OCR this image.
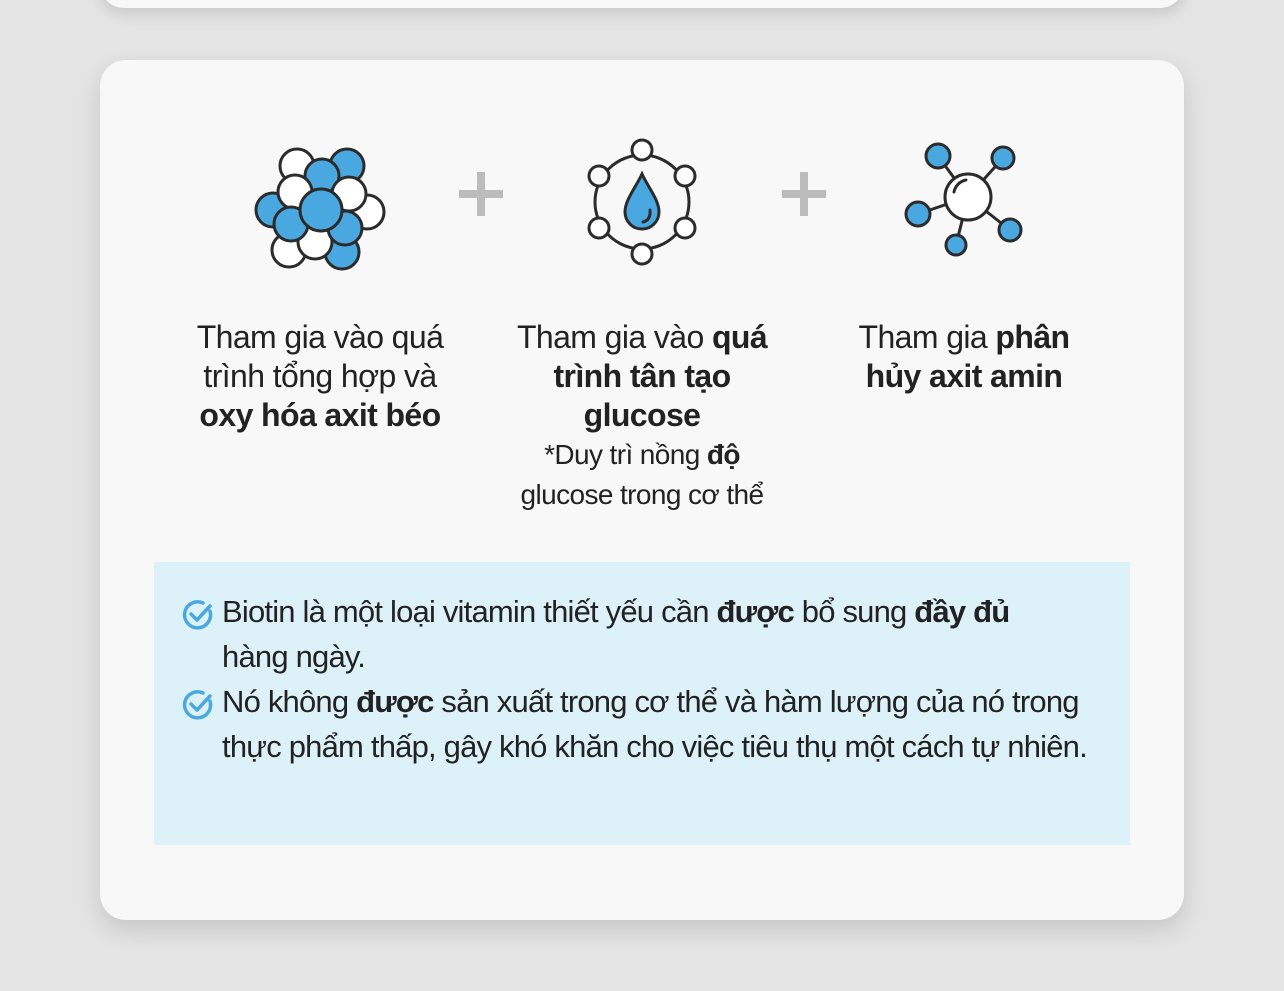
Tham gia vào quá
trình tổng hợp và
oxy hóa axit béo
Tham gia vào quá
trình tân tạo
glucose
*Duy trì nồng độ
glucose trong cơ thể
Tham gia phân
hủy axit amin
Biotin là một loại vitamin thiết yếu cần được bổ sung đầy đủ
hàng ngày.
Nó không được sản xuất trong cơ thể và hàm lượng của nó trong thực phẩm thấp, gây khó khăn cho việc tiêu thụ một cách tự nhiên.
